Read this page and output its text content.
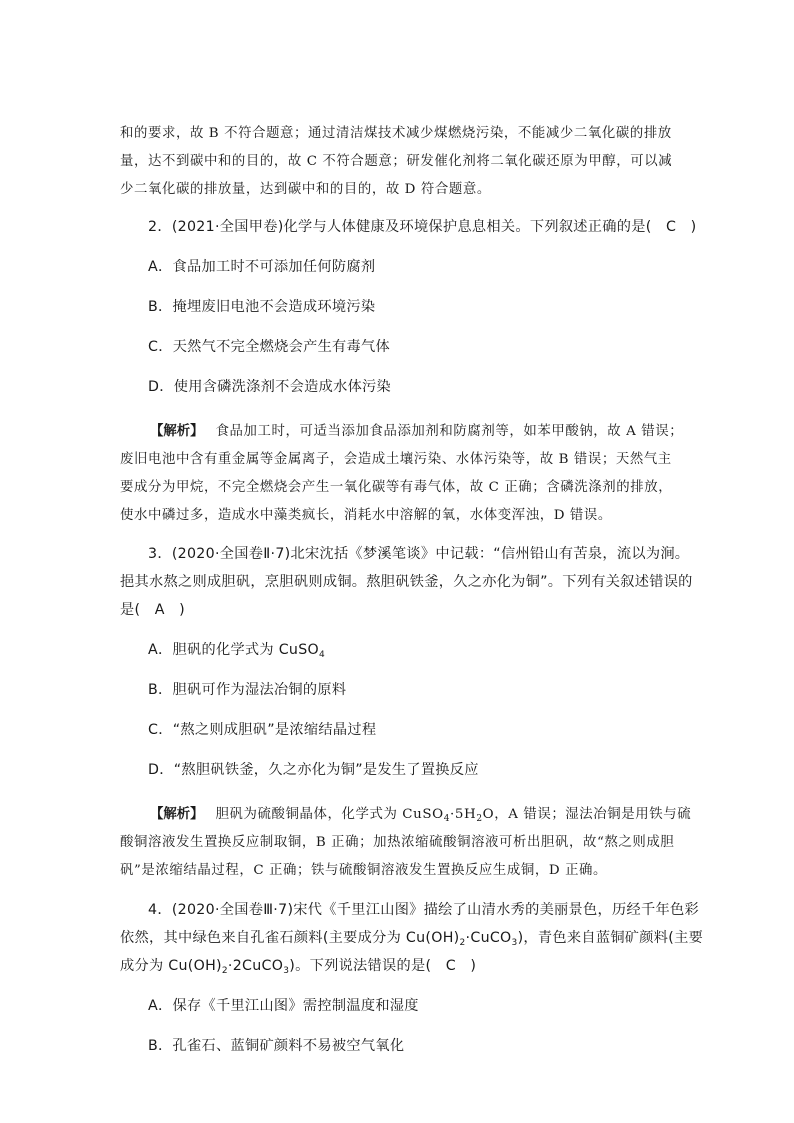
和的要求，故 B 不符合题意；通过清洁煤技术减少煤燃烧污染，不能减少二氧化碳的排放
量，达不到碳中和的目的，故 C 不符合题意；研发催化剂将二氧化碳还原为甲醇，可以减
少二氧化碳的排放量，达到碳中和的目的，故 D 符合题意。
2．(2021·全国甲卷)化学与人体健康及环境保护息息相关。下列叙述正确的是(   C   )
A．食品加工时不可添加任何防腐剂
B．掩埋废旧电池不会造成环境污染
C．天然气不完全燃烧会产生有毒气体
D．使用含磷洗涤剂不会造成水体污染
【解析】 食品加工时，可适当添加食品添加剂和防腐剂等，如苯甲酸钠，故 A 错误；
废旧电池中含有重金属等金属离子，会造成土壤污染、水体污染等，故 B 错误；天然气主
要成分为甲烷，不完全燃烧会产生一氧化碳等有毒气体，故 C 正确；含磷洗涤剂的排放，
使水中磷过多，造成水中藻类疯长，消耗水中溶解的氧，水体变浑浊，D 错误。
3．(2020·全国卷Ⅱ·7)北宋沈括《梦溪笔谈》中记载：“信州铅山有苦泉，流以为涧。
挹其水熬之则成胆矾，烹胆矾则成铜。熬胆矾铁釜，久之亦化为铜”。下列有关叙述错误的
是(   A   )
A．胆矾的化学式为 CuSO$_4$
B．胆矾可作为湿法冶铜的原料
C．“熬之则成胆矾”是浓缩结晶过程
D．“熬胆矾铁釜，久之亦化为铜”是发生了置换反应
【解析】 胆矾为硫酸铜晶体，化学式为 $CuSO_4\cdot 5H_2O$，A 错误；湿法冶铜是用铁与硫
酸铜溶液发生置换反应制取铜，B 正确；加热浓缩硫酸铜溶液可析出胆矾，故“熬之则成胆
矾”是浓缩结晶过程，C 正确；铁与硫酸铜溶液发生置换反应生成铜，D 正确。
4．(2020·全国卷Ⅲ·7)宋代《千里江山图》描绘了山清水秀的美丽景色，历经千年色彩
依然，其中绿色来自孔雀石颜料(主要成分为 $Cu(OH)_2\cdot CuCO_3$)，青色来自蓝铜矿颜料(主要
成分为 $Cu(OH)_2\cdot 2CuCO_3$)。下列说法错误的是(   C   )
A．保存《千里江山图》需控制温度和湿度
B．孔雀石、蓝铜矿颜料不易被空气氧化
